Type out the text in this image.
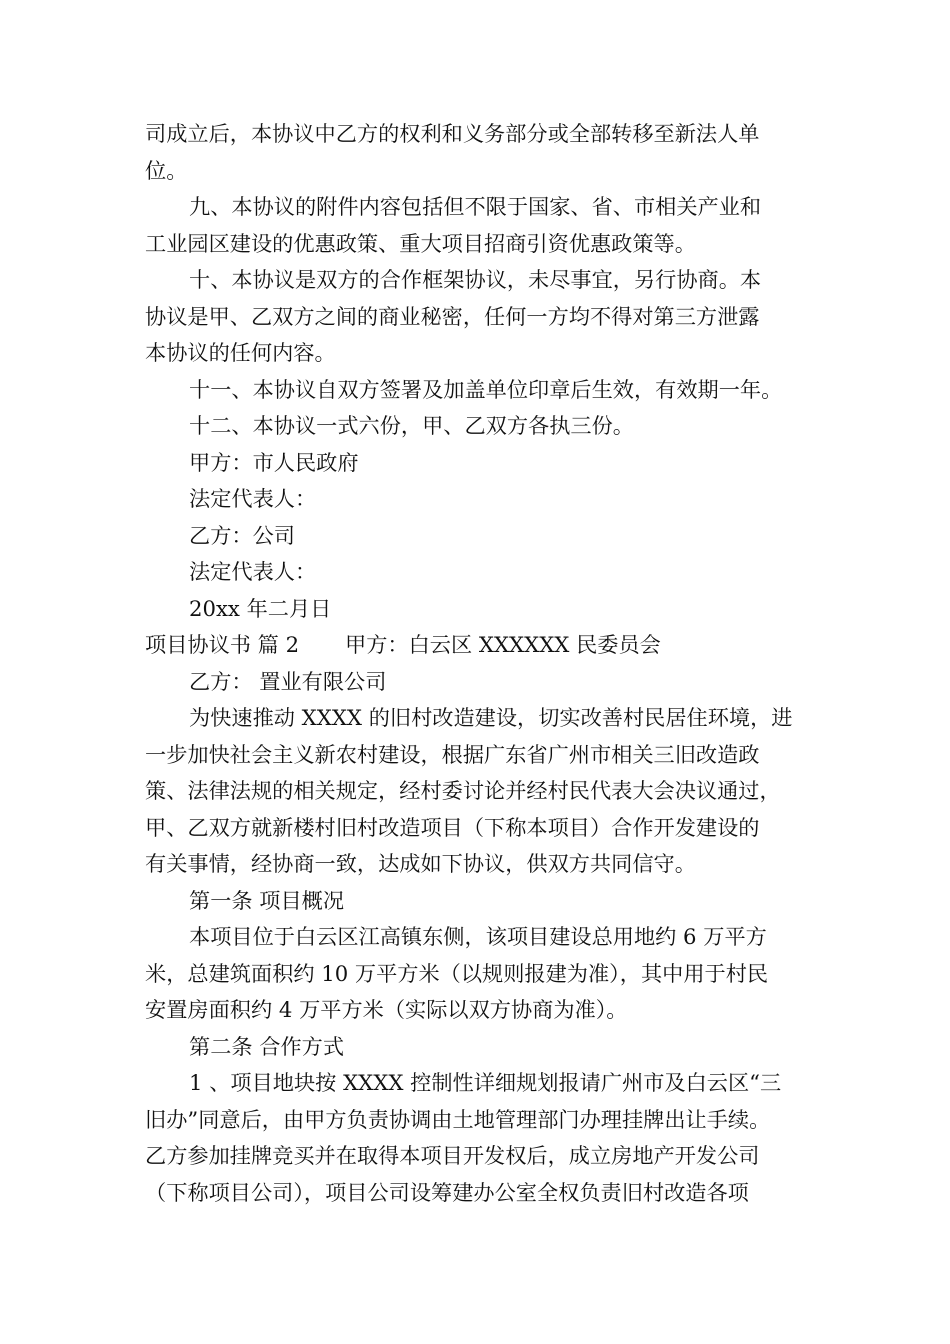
司成立后，本协议中乙方的权利和义务部分或全部转移至新法人单
位。
九、本协议的附件内容包括但不限于国家、省、市相关产业和
工业园区建设的优惠政策、重大项目招商引资优惠政策等。
十、本协议是双方的合作框架协议，未尽事宜，另行协商。本
协议是甲、乙双方之间的商业秘密，任何一方均不得对第三方泄露
本协议的任何内容。
十一、本协议自双方签署及加盖单位印章后生效，有效期一年。
十二、本协议一式六份，甲、乙双方各执三份。
甲方：市人民政府
法定代表人：
乙方：公司
法定代表人：
20xx 年二月日
项目协议书 篇 2 甲方：白云区 XXXXXX 民委员会
乙方： 置业有限公司
为快速推动 XXXX 的旧村改造建设，切实改善村民居住环境，进
一步加快社会主义新农村建设，根据广东省广州市相关三旧改造政
策、法律法规的相关规定，经村委讨论并经村民代表大会决议通过，
甲、乙双方就新楼村旧村改造项目（下称本项目）合作开发建设的
有关事情，经协商一致，达成如下协议，供双方共同信守。
第一条 项目概况
本项目位于白云区江高镇东侧，该项目建设总用地约 6 万平方
米，总建筑面积约 10 万平方米（以规则报建为准），其中用于村民
安置房面积约 4 万平方米（实际以双方协商为准）。
第二条 合作方式
1 、项目地块按 XXXX 控制性详细规划报请广州市及白云区“三
旧办”同意后，由甲方负责协调由土地管理部门办理挂牌出让手续。
乙方参加挂牌竞买并在取得本项目开发权后，成立房地产开发公司
（下称项目公司），项目公司设筹建办公室全权负责旧村改造各项
